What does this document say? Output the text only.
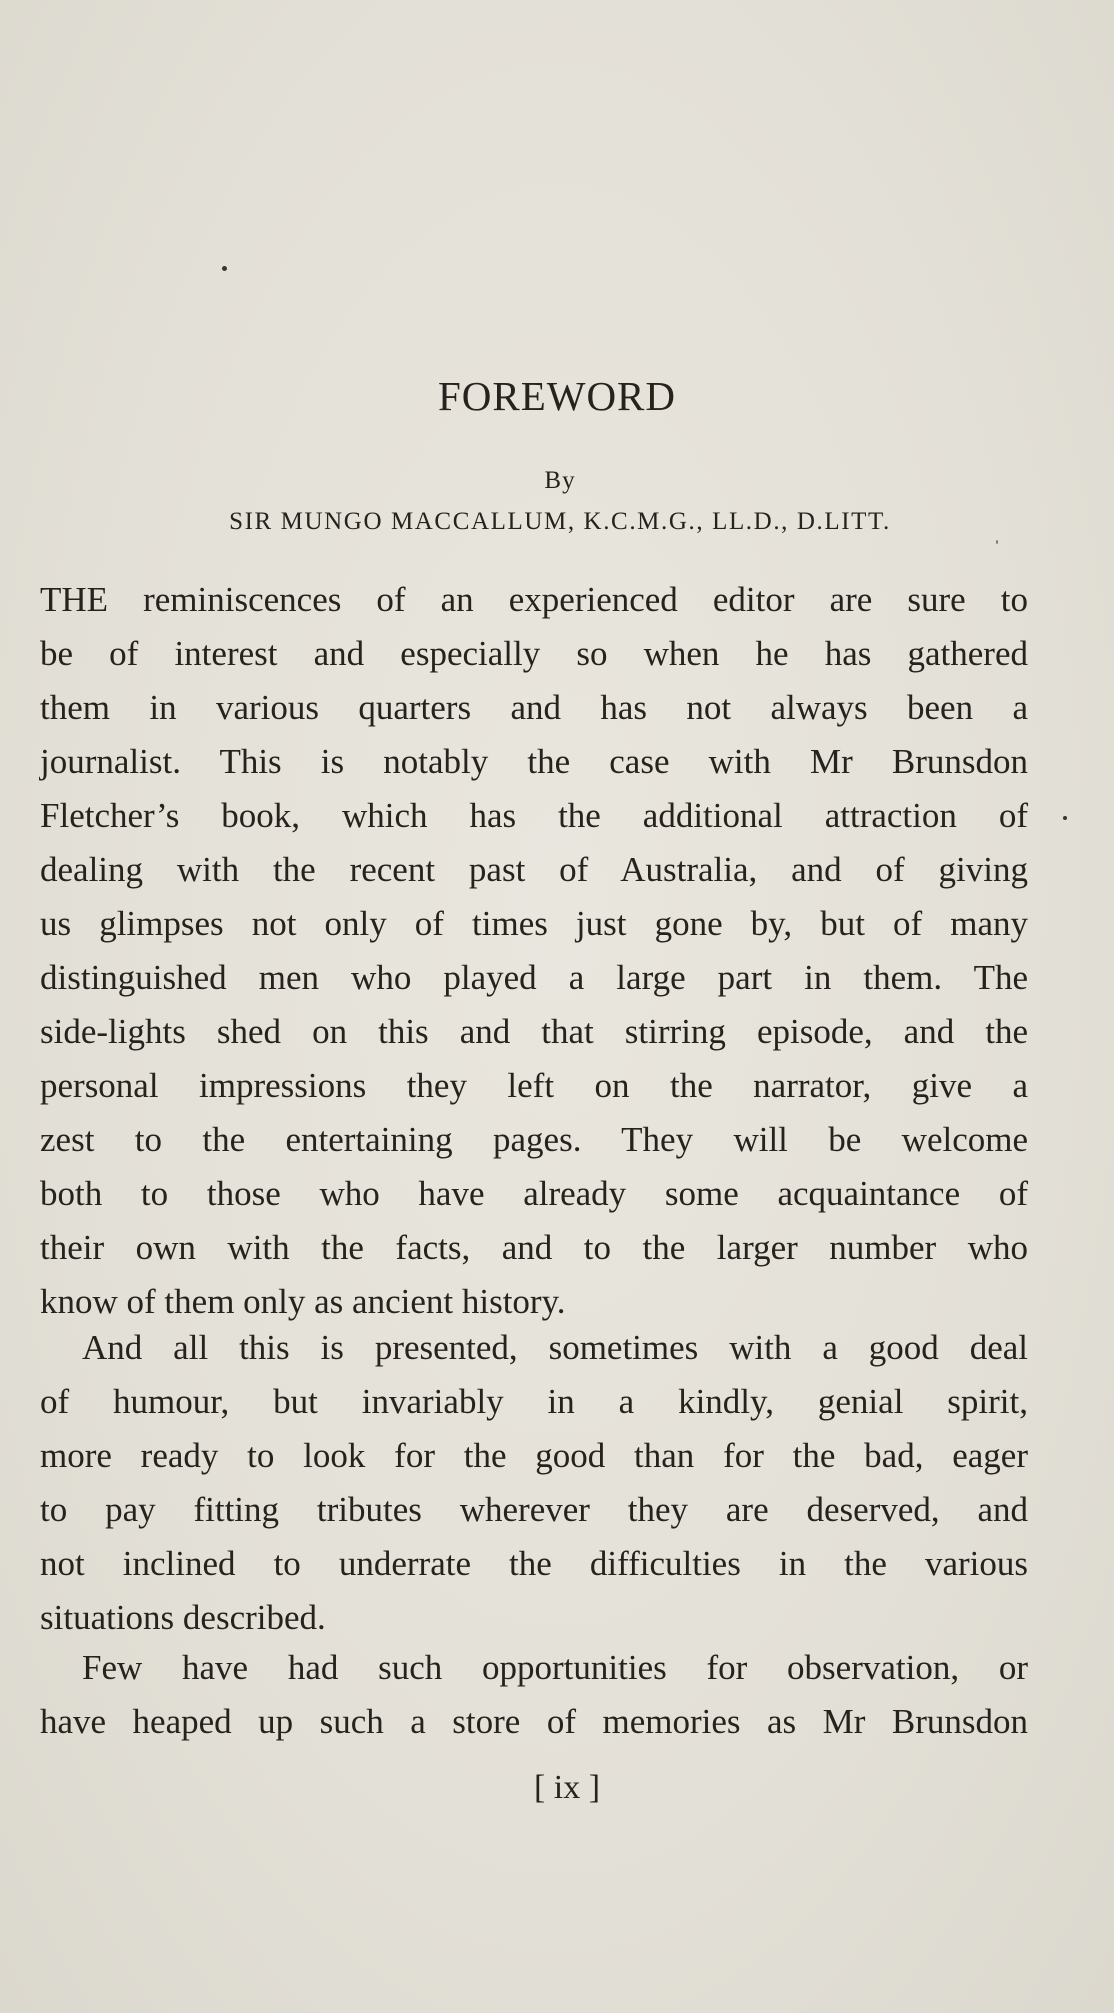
FOREWORD
By
SIR MUNGO MACCALLUM, K.C.M.G., LL.D., D.LITT.
THE reminiscences of an experienced editor are sure to
be of interest and especially so when he has gathered
them in various quarters and has not always been a
journalist. This is notably the case with Mr Brunsdon
Fletcher’s book, which has the additional attraction of
dealing with the recent past of Australia, and of giving
us glimpses not only of times just gone by, but of many
distinguished men who played a large part in them. The
side-lights shed on this and that stirring episode, and the
personal impressions they left on the narrator, give a
zest to the entertaining pages. They will be welcome
both to those who have already some acquaintance of
their own with the facts, and to the larger number who
know of them only as ancient history.
And all this is presented, sometimes with a good deal
of humour, but invariably in a kindly, genial spirit,
more ready to look for the good than for the bad, eager
to pay fitting tributes wherever they are deserved, and
not inclined to underrate the difficulties in the various
situations described.
Few have had such opportunities for observation, or
have heaped up such a store of memories as Mr Brunsdon
[ ix ]
